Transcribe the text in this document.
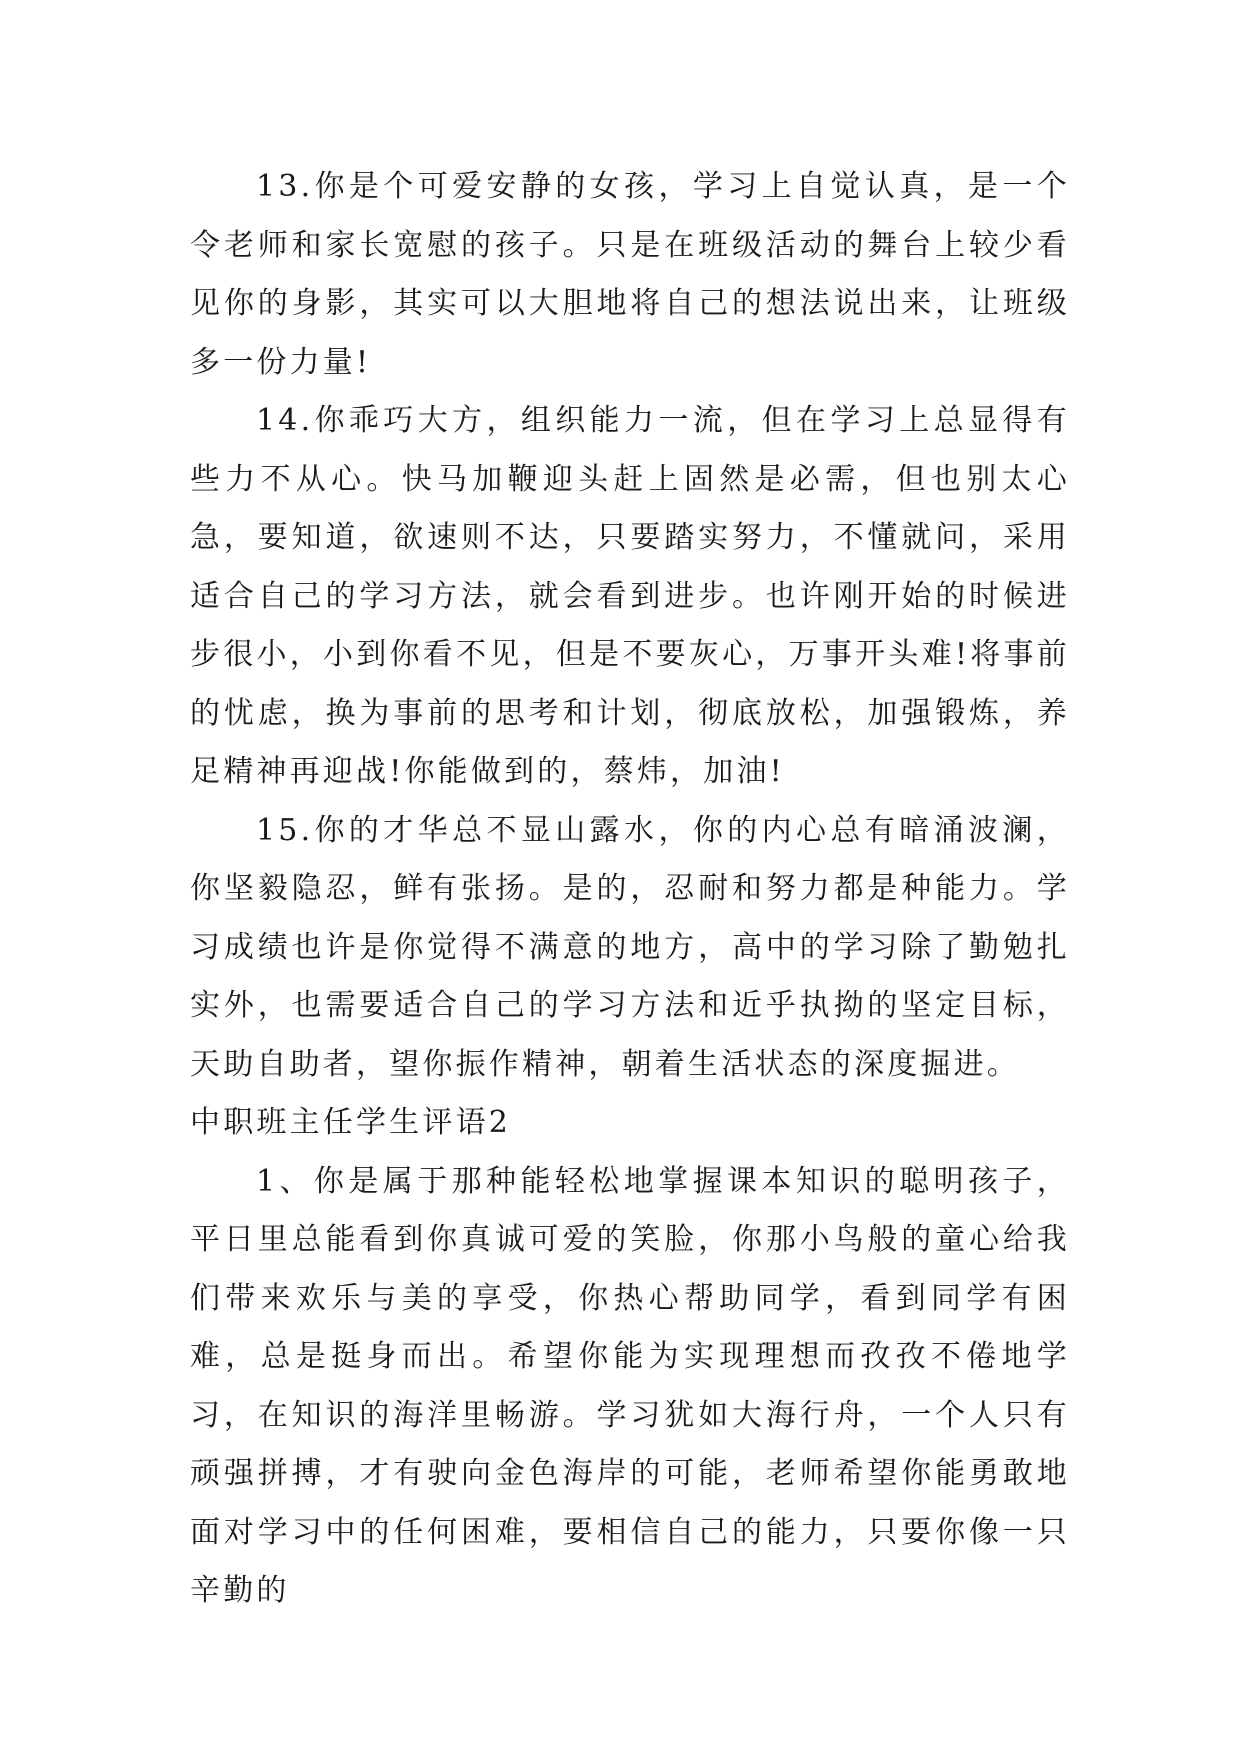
13.你是个可爱安静的女孩，学习上自觉认真，是一个令老师和家长宽慰的孩子。只是在班级活动的舞台上较少看见你的身影，其实可以大胆地将自己的想法说出来，让班级多一份力量!

14.你乖巧大方，组织能力一流，但在学习上总显得有些力不从心。快马加鞭迎头赶上固然是必需，但也别太心急，要知道，欲速则不达，只要踏实努力，不懂就问，采用适合自己的学习方法，就会看到进步。也许刚开始的时候进步很小，小到你看不见，但是不要灰心，万事开头难!将事前的忧虑，换为事前的思考和计划，彻底放松，加强锻炼，养足精神再迎战!你能做到的，蔡炜，加油!

15.你的才华总不显山露水，你的内心总有暗涌波澜，你坚毅隐忍，鲜有张扬。是的，忍耐和努力都是种能力。学习成绩也许是你觉得不满意的地方，高中的学习除了勤勉扎实外，也需要适合自己的学习方法和近乎执拗的坚定目标，天助自助者，望你振作精神，朝着生活状态的深度掘进。

中职班主任学生评语2

1、你是属于那种能轻松地掌握课本知识的聪明孩子，平日里总能看到你真诚可爱的笑脸，你那小鸟般的童心给我们带来欢乐与美的享受，你热心帮助同学，看到同学有困难，总是挺身而出。希望你能为实现理想而孜孜不倦地学习，在知识的海洋里畅游。学习犹如大海行舟，一个人只有顽强拼搏，才有驶向金色海岸的可能，老师希望你能勇敢地面对学习中的任何困难，要相信自己的能力，只要你像一只辛勤的
